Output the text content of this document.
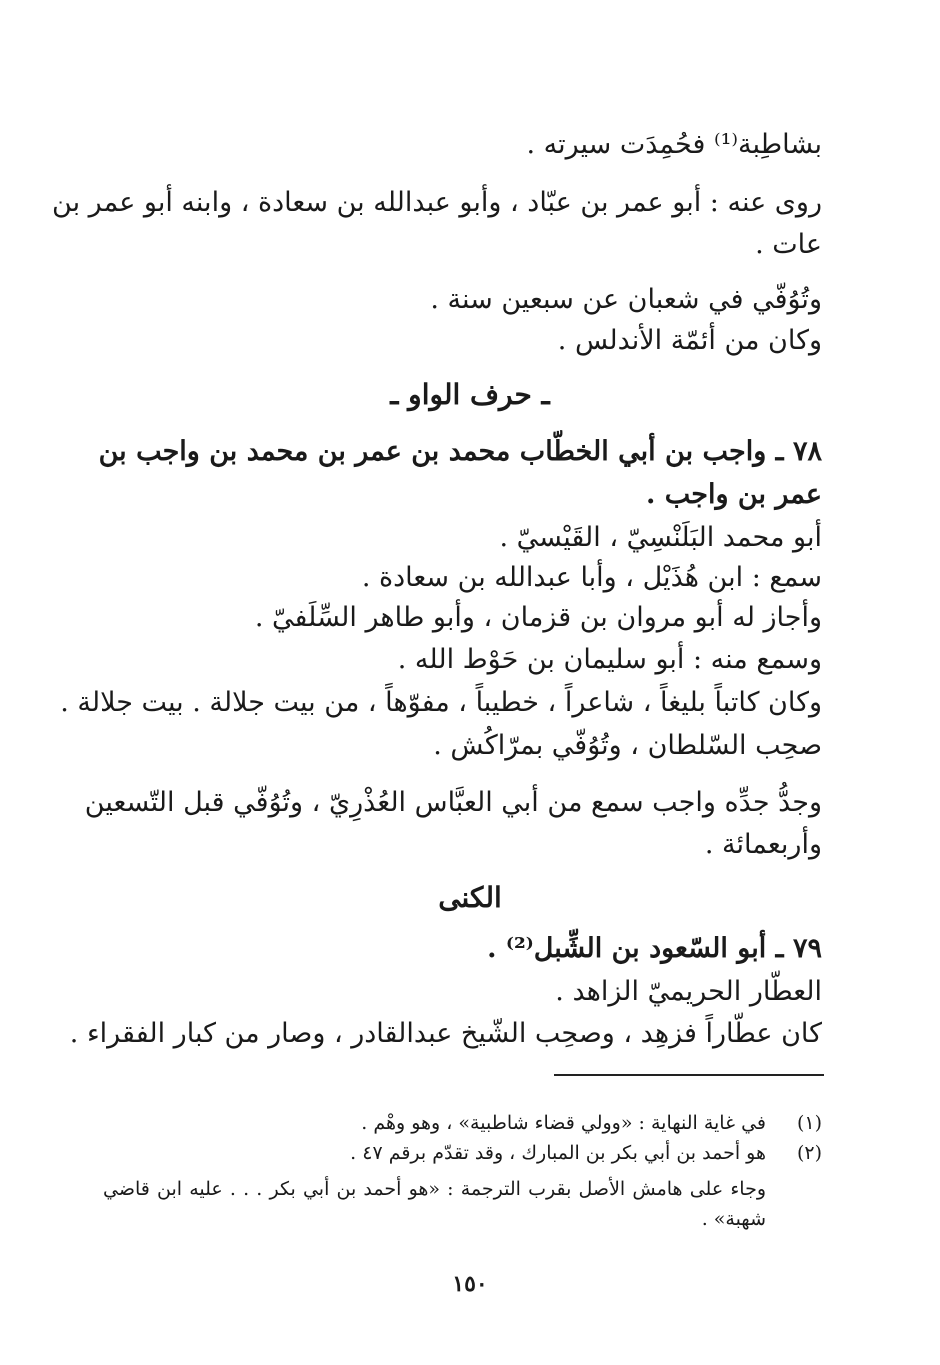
بشاطِبة⁽¹⁾ فحُمِدَت سيرته .
روى عنه : أبو عمر بن عبّاد ، وأبو عبدالله بن سعادة ، وابنه أبو عمر بن
عات .
وتُوُفّي في شعبان عن سبعين سنة .
وكان من أئمّة الأندلس .
ـ حرف الواو ـ
٧٨ ـ واجب بن أبي الخطّاب محمد بن عمر بن محمد بن واجب بن
عمر بن واجب .
أبو محمد البَلَنْسِيّ ، القَيْسيّ .
سمع : ابن هُذَيْل ، وأبا عبدالله بن سعادة .
وأجاز له أبو مروان بن قزمان ، وأبو طاهر السِّلَفيّ .
وسمع منه : أبو سليمان بن حَوْط الله .
وكان كاتباً بليغاً ، شاعراً ، خطيباً ، مفوّهاً ، من بيت جلالة . بيت جلالة .
صحِب السّلطان ، وتُوُفّي بمرّاكُش .
وجدُّ جدِّه واجب سمع من أبي العبَّاس العُذْرِيّ ، وتُوُفّي قبل التّسعين
وأربعمائة .
الكنى
٧٩ ـ أبو السّعود بن الشِّبل⁽²⁾ .
العطّار الحريميّ الزاهد .
كان عطّاراً فزهِد ، وصحِب الشّيخ عبدالقادر ، وصار من كبار الفقراء .
(١)
في غاية النهاية : «وولي قضاء شاطبية» ، وهو وهْم .
(٢)
هو أحمد بن أبي بكر بن المبارك ، وقد تقدّم برقم ٤٧ .
وجاء على هامش الأصل بقرب الترجمة : «هو أحمد بن أبي بكر . . . عليه ابن قاضي
شهبة» .
١٥٠
